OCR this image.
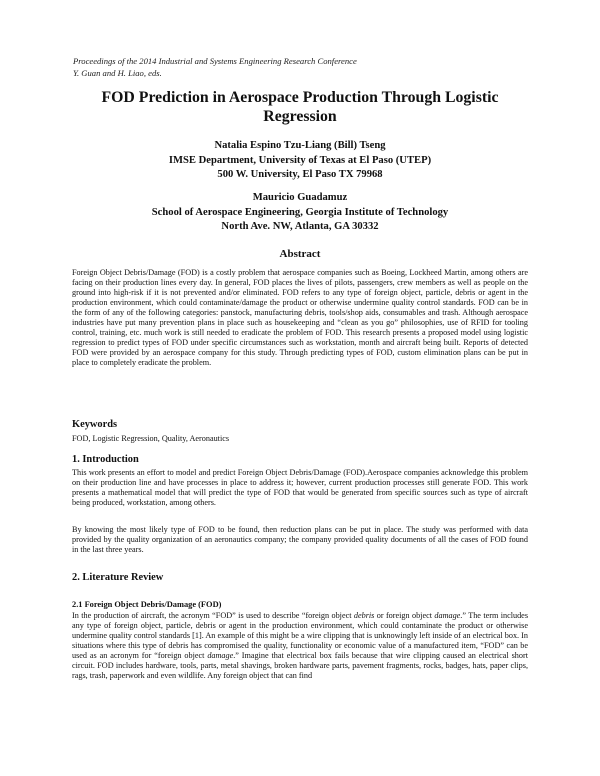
Proceedings of the 2014 Industrial and Systems Engineering Research Conference
Y. Guan and H. Liao, eds.
FOD Prediction in Aerospace Production Through Logistic
Regression
Natalia Espino Tzu-Liang (Bill) Tseng
IMSE Department, University of Texas at El Paso (UTEP)
500 W. University, El Paso TX 79968
Mauricio Guadamuz
School of Aerospace Engineering, Georgia Institute of Technology
North Ave. NW, Atlanta, GA 30332
Abstract
Foreign Object Debris/Damage (FOD) is a costly problem that aerospace companies such as Boeing, Lockheed Martin, among others are facing on their production lines every day. In general, FOD places the lives of pilots, passengers, crew members as well as people on the ground into high-risk if it is not prevented and/or eliminated. FOD refers to any type of foreign object, particle, debris or agent in the production environment, which could contaminate/damage the product or otherwise undermine quality control standards. FOD can be in the form of any of the following categories: panstock, manufacturing debris, tools/shop aids, consumables and trash. Although aerospace industries have put many prevention plans in place such as housekeeping and “clean as you go” philosophies, use of RFID for tooling control, training, etc. much work is still needed to eradicate the problem of FOD. This research presents a proposed model using logistic regression to predict types of FOD under specific circumstances such as workstation, month and aircraft being built. Reports of detected FOD were provided by an aerospace company for this study. Through predicting types of FOD, custom elimination plans can be put in place to completely eradicate the problem.
Keywords
FOD, Logistic Regression, Quality, Aeronautics
1. Introduction
This work presents an effort to model and predict Foreign Object Debris/Damage (FOD).Aerospace companies acknowledge this problem on their production line and have processes in place to address it; however, current production processes still generate FOD. This work presents a mathematical model that will predict the type of FOD that would be generated from specific sources such as type of aircraft being produced, workstation, among others.
By knowing the most likely type of FOD to be found, then reduction plans can be put in place. The study was performed with data provided by the quality organization of an aeronautics company; the company provided quality documents of all the cases of FOD found in the last three years.
2. Literature Review
2.1 Foreign Object Debris/Damage (FOD)
In the production of aircraft, the acronym “FOD” is used to describe “foreign object debris or foreign object damage.” The term includes any type of foreign object, particle, debris or agent in the production environment, which could contaminate the product or otherwise undermine quality control standards [1]. An example of this might be a wire clipping that is unknowingly left inside of an electrical box. In situations where this type of debris has compromised the quality, functionality or economic value of a manufactured item, “FOD” can be used as an acronym for “foreign object damage.” Imagine that electrical box fails because that wire clipping caused an electrical short circuit. FOD includes hardware, tools, parts, metal shavings, broken hardware parts, pavement fragments, rocks, badges, hats, paper clips, rags, trash, paperwork and even wildlife. Any foreign object that can find
